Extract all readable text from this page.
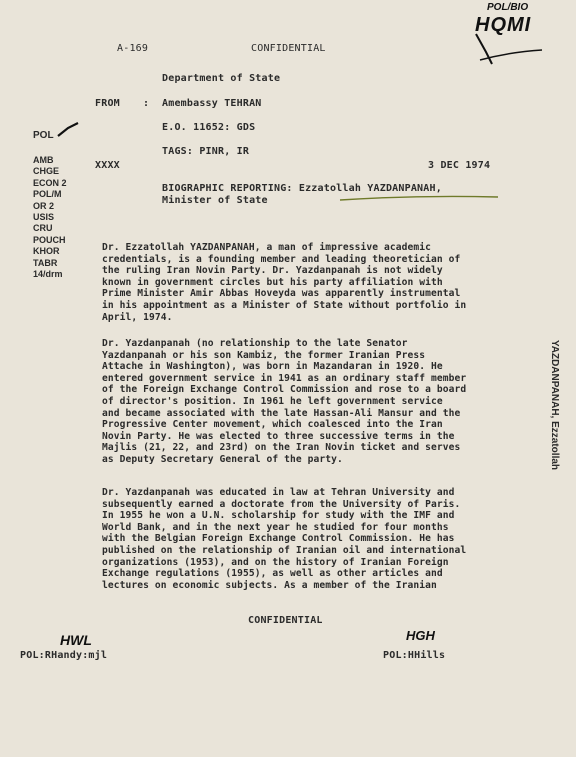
POL/BIO
HQMI
A-169	CONFIDENTIAL
Department of State
FROM : Amembassy TEHRAN
E.O. 11652: GDS
TAGS: PINR, IR
XXXX	3 DEC 1974
BIOGRAPHIC REPORTING: Ezzatollah YAZDANPANAH,
Minister of State
POL
AMB
CHGE
ECON 2
POL/M
OR 2
USIS
CRU
POUCH
KHOR
TABR
14/drm
Dr. Ezzatollah YAZDANPANAH, a man of impressive academic
credentials, is a founding member and leading theoretician of
the ruling Iran Novin Party. Dr. Yazdanpanah is not widely
known in government circles but his party affiliation with
Prime Minister Amir Abbas Hoveyda was apparently instrumental
in his appointment as a Minister of State without portfolio in
April, 1974.
Dr. Yazdanpanah (no relationship to the late Senator
Yazdanpanah or his son Kambiz, the former Iranian Press
Attache in Washington), was born in Mazandaran in 1920. He
entered government service in 1941 as an ordinary staff member
of the Foreign Exchange Control Commission and rose to a board
of director's position. In 1961 he left government service
and became associated with the late Hassan-Ali Mansur and the
Progressive Center movement, which coalesced into the Iran
Novin Party. He was elected to three successive terms in the
Majlis (21, 22, and 23rd) on the Iran Novin ticket and serves
as Deputy Secretary General of the party.
Dr. Yazdanpanah was educated in law at Tehran University and
subsequently earned a doctorate from the University of Paris.
In 1955 he won a U.N. scholarship for study with the IMF and
World Bank, and in the next year he studied for four months
with the Belgian Foreign Exchange Control Commission. He has
published on the relationship of Iranian oil and international
organizations (1953), and on the history of Iranian Foreign
Exchange regulations (1955), as well as other articles and
lectures on economic subjects. As a member of the Iranian
YAZDANPANAH, Ezzatollah
CONFIDENTIAL
HWL	HGH
POL:RHandy:mjl	POL:HHills
